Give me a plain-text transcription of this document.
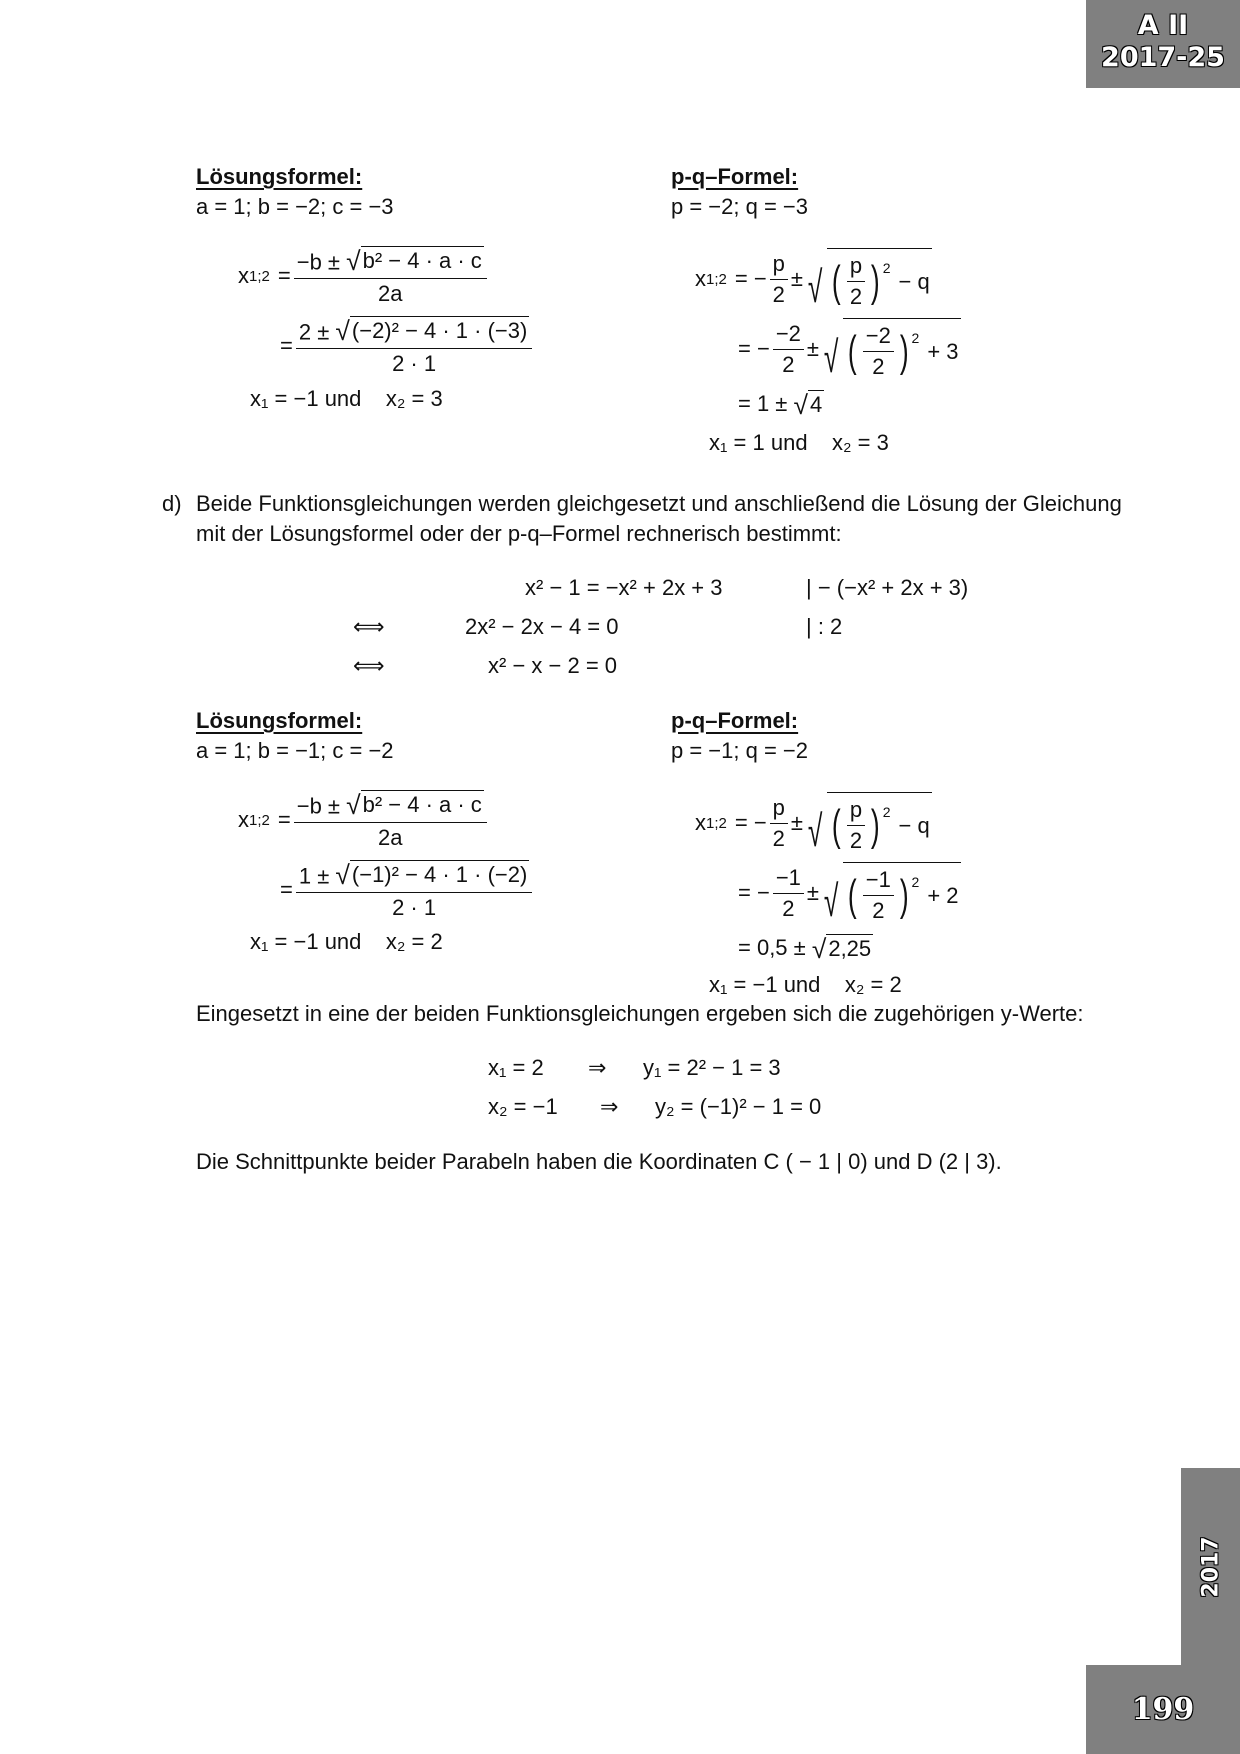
A II
2017-25
2017
199
Lösungsformel:
a = 1; b = −2; c = −3
x 1;2 = $\frac{\text{−b ± √ b² − 4 · a · c}}{2a}$
= $\frac{\text{2 ± √ (−2)² − 4 · 1 · (−3)}}{2 \cdot 1}$
x₁ = −1 und    x₂ = 3
p-q–Formel:
p = −2; q = −3
x 1;2 = − $\frac{p}{2}$ ± √ ( $\frac{p}{2}$ ) 2
− q
= − $\frac{-2}{2}$ ± √ ( $\frac{-2}{2}$ ) 2
+ 3
= 1 ± √ 4
x₁ = 1 und    x₂ = 3
d) Beide Funktionsgleichungen werden gleichgesetzt und anschließend die Lösung der Gleichung
mit der Lösungsformel oder der p-q–Formel rechnerisch bestimmt:
x² − 1 = −x² + 2x + 3	| − (−x² + 2x + 3)
⟺	2x² − 2x − 4 = 0	| : 2
⟺	x² − x − 2 = 0
Lösungsformel:
a = 1; b = −1; c = −2
x 1;2 = $\frac{\text{−b ± √ b² − 4 · a · c}}{2a}$
= $\frac{\text{1 ± √ (−1)² − 4 · 1 · (−2)}}{2 \cdot 1}$
x₁ = −1 und    x₂ = 2
p-q–Formel:
p = −1; q = −2
x 1;2 = − $\frac{p}{2}$ ± √ ( $\frac{p}{2}$ ) 2
− q
= − $\frac{-1}{2}$ ± √ ( $\frac{-1}{2}$ ) 2
+ 2
= 0,5 ± √ 2,25
x₁ = −1 und    x₂ = 2
Eingesetzt in eine der beiden Funktionsgleichungen ergeben sich die zugehörigen y-Werte:
x₁ = 2 ⇒ y₁ = 2² − 1 = 3
x₂ = −1 ⇒ y₂ = (−1)² − 1 = 0
Die Schnittpunkte beider Parabeln haben die Koordinaten C ( − 1 | 0) und D (2 | 3).
